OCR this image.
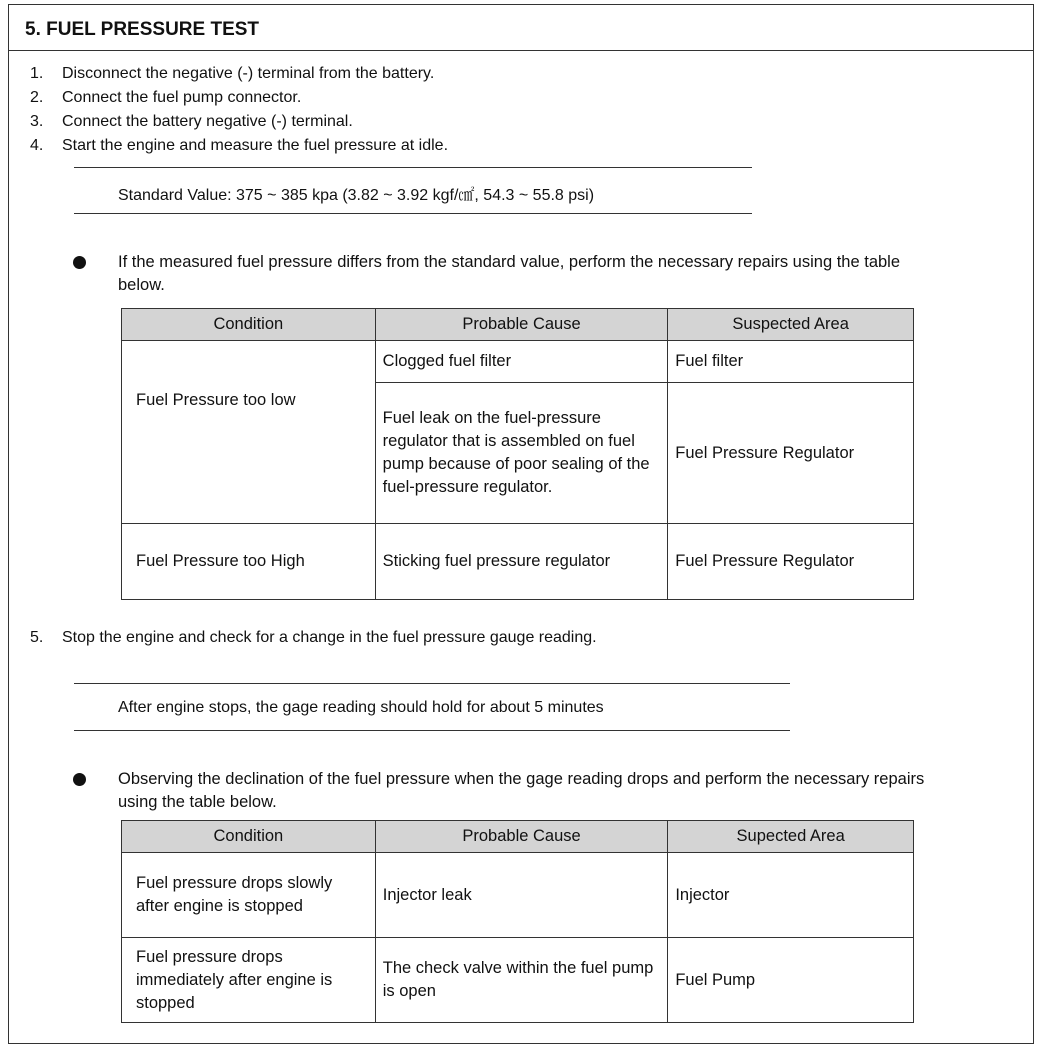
5. FUEL PRESSURE TEST
1. Disconnect the negative (-) terminal from the battery.
2. Connect the fuel pump connector.
3. Connect the battery negative (-) terminal.
4. Start the engine and measure the fuel pressure at idle.
Standard Value: 375 ~ 385 kpa (3.82 ~ 3.92 kgf/㎠, 54.3 ~ 55.8 psi)
If the measured fuel pressure differs from the standard value, perform the necessary repairs using the table below.
Condition	Probable Cause	Suspected Area
Fuel Pressure too low	Clogged fuel filter	Fuel filter
	Fuel leak on the fuel-pressure regulator that is assembled on fuel pump because of poor sealing of the fuel-pressure regulator.	Fuel Pressure Regulator
Fuel Pressure too High	Sticking fuel pressure regulator	Fuel Pressure Regulator
5. Stop the engine and check for a change in the fuel pressure gauge reading.
After engine stops, the gage reading should hold for about 5 minutes
Observing the declination of the fuel pressure when the gage reading drops and perform the necessary repairs using the table below.
Condition	Probable Cause	Supected Area
Fuel pressure drops slowly after engine is stopped	Injector leak	Injector
Fuel pressure drops immediately after engine is stopped	The check valve within the fuel pump is open	Fuel Pump
